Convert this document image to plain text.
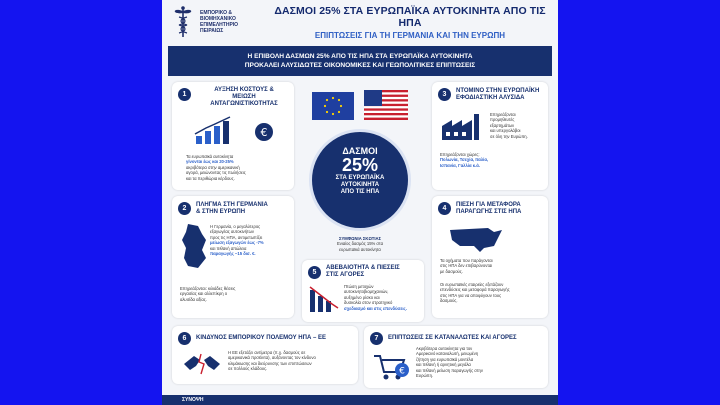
ΕΜΠΟΡΙΚΟ &
ΒΙΟΜΗΧΑΝΙΚΟ
ΕΠΙΜΕΛΗΤΗΡΙΟ
ΠΕΙΡΑΙΩΣ
ΔΑΣΜΟΙ 25% ΣΤΑ ΕΥΡΩΠΑΪΚΑ ΑΥΤΟΚΙΝΗΤΑ ΑΠΟ ΤΙΣ ΗΠΑ
ΕΠΙΠΤΩΣΕΙΣ ΓΙΑ ΤΗ ΓΕΡΜΑΝΙΑ ΚΑΙ ΤΗΝ ΕΥΡΩΠΗ
Η ΕΠΙΒΟΛΗ ΔΑΣΜΩΝ 25% ΑΠΟ ΤΙΣ ΗΠΑ ΣΤΑ ΕΥΡΩΠΑΪΚΑ ΑΥΤΟΚΙΝΗΤΑ
ΠΡΟΚΑΛΕΙ ΑΛΥΣΙΔΩΤΕΣ ΟΙΚΟΝΟΜΙΚΕΣ ΚΑΙ ΓΕΩΠΟΛΙΤΙΚΕΣ ΕΠΙΠΤΩΣΕΙΣ
1
ΑΥΞΗΣΗ ΚΟΣΤΟΥΣ &
ΜΕΙΩΣΗ
ΑΝΤΑΓΩΝΙΣΤΙΚΟΤΗΤΑΣ
€
Τα ευρωπαϊκά αυτοκίνητα
γίνονται έως και 20-25%
ακριβότερα στην αμερικανική
αγορά, μειώνοντας τις πωλήσεις
και τα περιθώρια κέρδους.
2	ΠΛΗΓΜΑ ΣΤΗ ΓΕΡΜΑΝΙΑ
& ΣΤΗΝ ΕΥΡΩΠΗ
Η Γερμανία, ο μεγαλύτερος
εξαγωγέας αυτοκινήτων
προς τις ΗΠΑ, αντιμετωπίζει
μείωση εξαγωγών έως -7%
και πιθανή απώλεια
παραγωγής ~15 δισ. €.
Επηρεάζονται: κιλιάδες θέσεις
εργασίας και αλλεπίκρη ο
αλυσίδα αξίας.
ΔΑΣΜΟΙ
25%
ΣΤΑ ΕΥΡΩΠΑΪΚΑ
ΑΥΤΟΚΙΝΗΤΑ
ΑΠΟ ΤΙΣ ΗΠΑ
ΣΥΜΦΩΝΙΑ ΣΚΩΤΙΑΣ
Ενιαίος δασμός 15% στα
ευρωπαϊκά αυτοκίνητα
5
ΑΒΕΒΑΙΟΤΗΤΑ & ΠΙΕΣΕΙΣ
ΣΤΙΣ ΑΓΟΡΕΣ
Πτώση μετοχών
αυτοκινητοβιομηχανιών,
αυξημένο ρίσκο και
δυσκολία στον στρατηγικό
σχεδιασμό και στις επενδύσεις.
3	ΝΤΟΜΙΝΟ ΣΤΗΝ ΕΥΡΩΠΑΪΚΗ
ΕΦΟΔΙΑΣΤΙΚΗ ΑΛΥΣΙΔΑ
Επηρεάζονται
προμηθευτές
εξαρτημάτων
και υπεργολάβοι
σε όλη την Ευρώπη.
Επηρεάζονται χώρες:
Πολωνία, Τσεχία, Ιταλία,
Ισπανία, Γαλλία κ.ά.
4	ΠΙΕΣΗ ΓΙΑ ΜΕΤΑΦΟΡΑ
ΠΑΡΑΓΩΓΗΣ ΣΤΙΣ ΗΠΑ
Τα οχήματα που παράγονται
στις ΗΠΑ δεν επιβαρύνονται
με δασμούς.
Οι ευρωπαϊκές εταιρείες εξετάζουν
επενδύσεις και μεταφορά παραγωγής
στις ΗΠΑ για να αποφύγουν τους
δασμούς.
6	ΚΙΝΔΥΝΟΣ ΕΜΠΟΡΙΚΟΥ ΠΟΛΕΜΟΥ ΗΠΑ – ΕΕ
Η ΕΕ εξετάζει αντίμετρα (π.χ. δασμούς σε
αμερικανικά προϊόντα), αυξάνοντας τον κίνδυνο
κλιμάκωσης και διεύρυνσης των επιπτώσεων
σε πολλούς κλάδους.
7	ΕΠΙΠΤΩΣΕΙΣ ΣΕ ΚΑΤΑΝΑΛΩΤΕΣ ΚΑΙ ΑΓΟΡΕΣ
€
Ακριβότερα αυτοκίνητα για τον
Αμερικανό καταναλωτή, μειωμένη
ζήτηση για ευρωπαϊκά μοντέλα
και πιθανή ή αρνητική μεγάλα
και πιθανή μείωση παραγωγής στην
Ευρώπη.
ΣΥΝΟΨΗ
